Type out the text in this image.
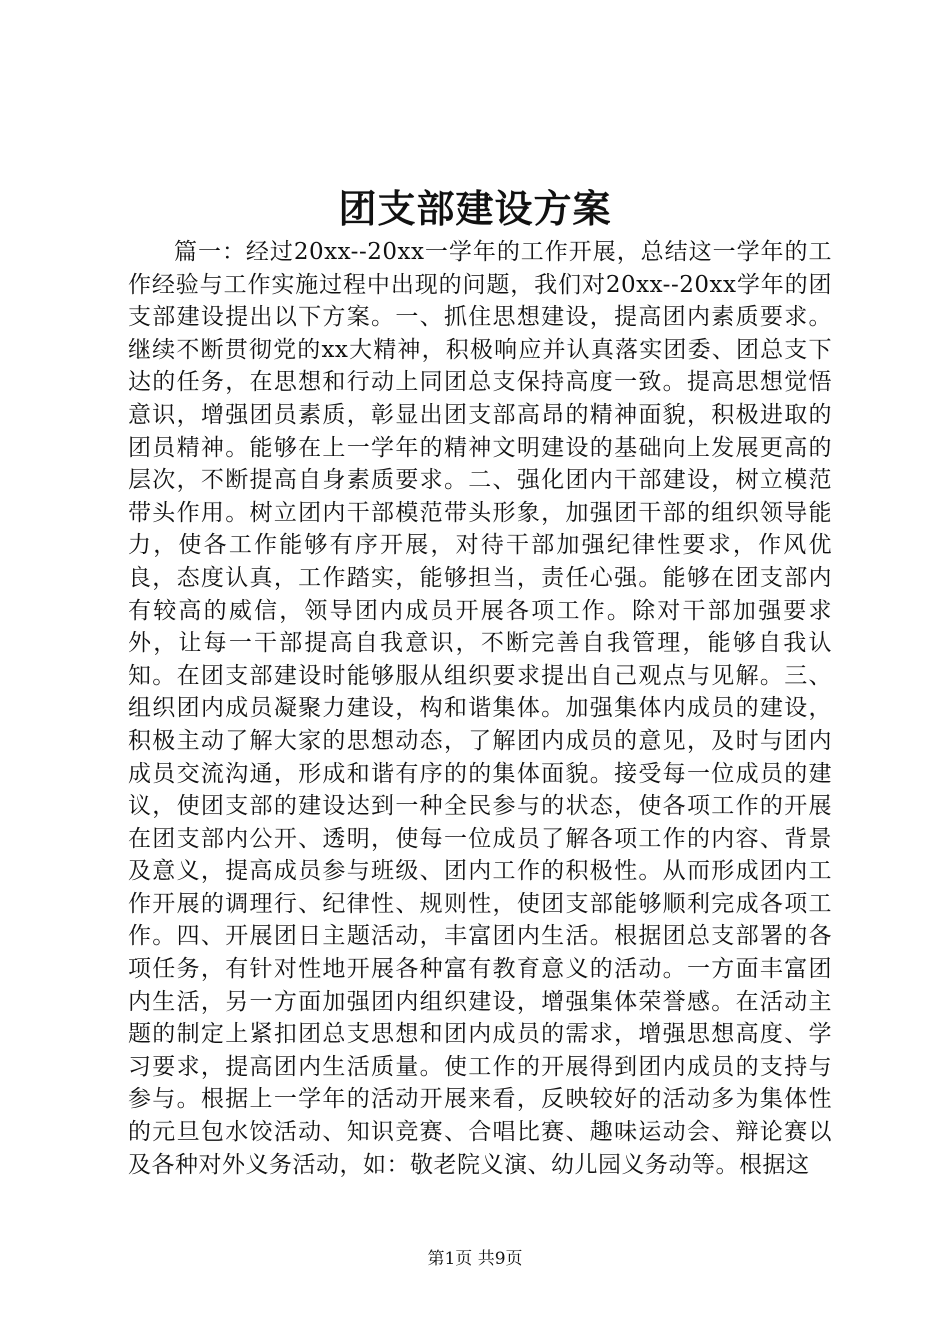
团支部建设方案

篇一：经过20xx--20xx一学年的工作开展，总结这一学年的工作经验与工作实施过程中出现的问题，我们对20xx--20xx学年的团支部建设提出以下方案。一、抓住思想建设，提高团内素质要求。继续不断贯彻党的xx大精神，积极响应并认真落实团委、团总支下达的任务，在思想和行动上同团总支保持高度一致。提高思想觉悟意识，增强团员素质，彰显出团支部高昂的精神面貌，积极进取的团员精神。能够在上一学年的精神文明建设的基础向上发展更高的层次，不断提高自身素质要求。二、强化团内干部建设，树立模范带头作用。树立团内干部模范带头形象，加强团干部的组织领导能力，使各工作能够有序开展，对待干部加强纪律性要求，作风优良，态度认真，工作踏实，能够担当，责任心强。能够在团支部内有较高的威信，领导团内成员开展各项工作。除对干部加强要求外，让每一干部提高自我意识，不断完善自我管理，能够自我认知。在团支部建设时能够服从组织要求提出自己观点与见解。三、组织团内成员凝聚力建设，构和谐集体。加强集体内成员的建设，积极主动了解大家的思想动态，了解团内成员的意见，及时与团内成员交流沟通，形成和谐有序的的集体面貌。接受每一位成员的建议，使团支部的建设达到一种全民参与的状态，使各项工作的开展在团支部内公开、透明，使每一位成员了解各项工作的内容、背景及意义，提高成员参与班级、团内工作的积极性。从而形成团内工作开展的调理行、纪律性、规则性，使团支部能够顺利完成各项工作。四、开展团日主题活动，丰富团内生活。根据团总支部署的各项任务，有针对性地开展各种富有教育意义的活动。一方面丰富团内生活，另一方面加强团内组织建设，增强集体荣誉感。在活动主题的制定上紧扣团总支思想和团内成员的需求，增强思想高度、学习要求，提高团内生活质量。使工作的开展得到团内成员的支持与参与。根据上一学年的活动开展来看，反映较好的活动多为集体性的元旦包水饺活动、知识竞赛、合唱比赛、趣味运动会、辩论赛以及各种对外义务活动，如：敬老院义演、幼儿园义务动等。根据这

第1页 共9页
